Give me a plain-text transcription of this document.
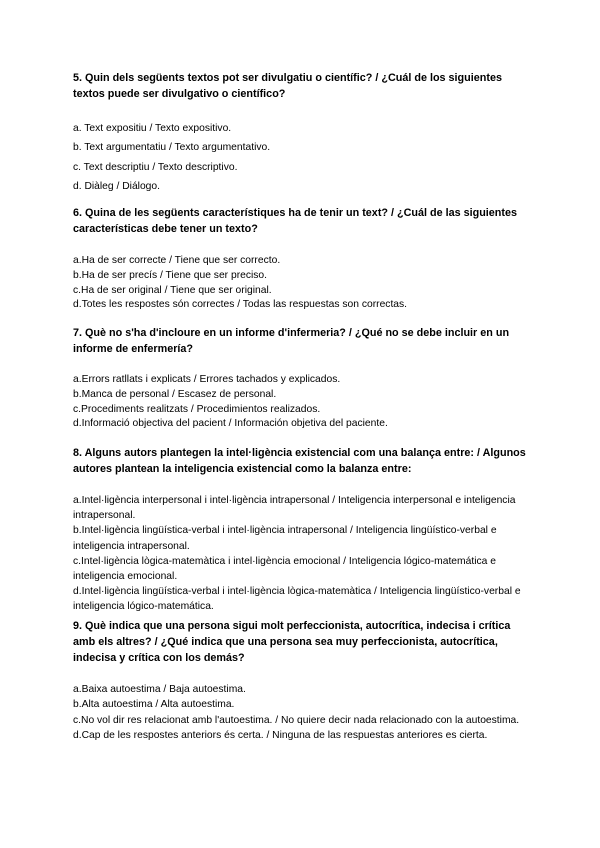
5. Quin dels següents textos pot ser divulgatiu o científic? / ¿Cuál de los siguientes textos puede ser divulgativo o científico?

a. Text expositiu / Texto expositivo.
b. Text argumentatiu / Texto argumentativo.
c. Text descriptiu / Texto descriptivo.
d. Diàleg / Diálogo.

6. Quina de les següents característiques ha de tenir un text? / ¿Cuál de las siguientes características debe tener un texto?

a.Ha de ser correcte / Tiene que ser correcto.
b.Ha de ser precís / Tiene que ser preciso.
c.Ha de ser original / Tiene que ser original.
d.Totes les respostes són correctes / Todas las respuestas son correctas.

7. Què no s'ha d'incloure en un informe d'infermeria? / ¿Qué no se debe incluir en un informe de enfermería?

a.Errors ratllats i explicats / Errores tachados y explicados.
b.Manca de personal / Escasez de personal.
c.Procediments realitzats / Procedimientos realizados.
d.Informació objectiva del pacient / Información objetiva del paciente.

8. Alguns autors plantegen la intel·ligència existencial com una balança entre: / Algunos autores plantean la inteligencia existencial como la balanza entre:

a.Intel·ligència interpersonal i intel·ligència intrapersonal / Inteligencia interpersonal e inteligencia intrapersonal.
b.Intel·ligència lingüística-verbal i intel·ligència intrapersonal / Inteligencia lingüístico-verbal e inteligencia intrapersonal.
c.Intel·ligència lògica-matemàtica i intel·ligència emocional / Inteligencia lógico-matemática e inteligencia emocional.
d.Intel·ligència lingüística-verbal i intel·ligència lògica-matemàtica / Inteligencia lingüístico-verbal e inteligencia lógico-matemática.

9. Què indica que una persona sigui molt perfeccionista, autocrítica, indecisa i crítica amb els altres? / ¿Qué indica que una persona sea muy perfeccionista, autocrítica, indecisa y crítica con los demás?

a.Baixa autoestima / Baja autoestima.
b.Alta autoestima / Alta autoestima.
c.No vol dir res relacionat amb l'autoestima. / No quiere decir nada relacionado con la autoestima.
d.Cap de les respostes anteriors és certa. / Ninguna de las respuestas anteriores es cierta.
